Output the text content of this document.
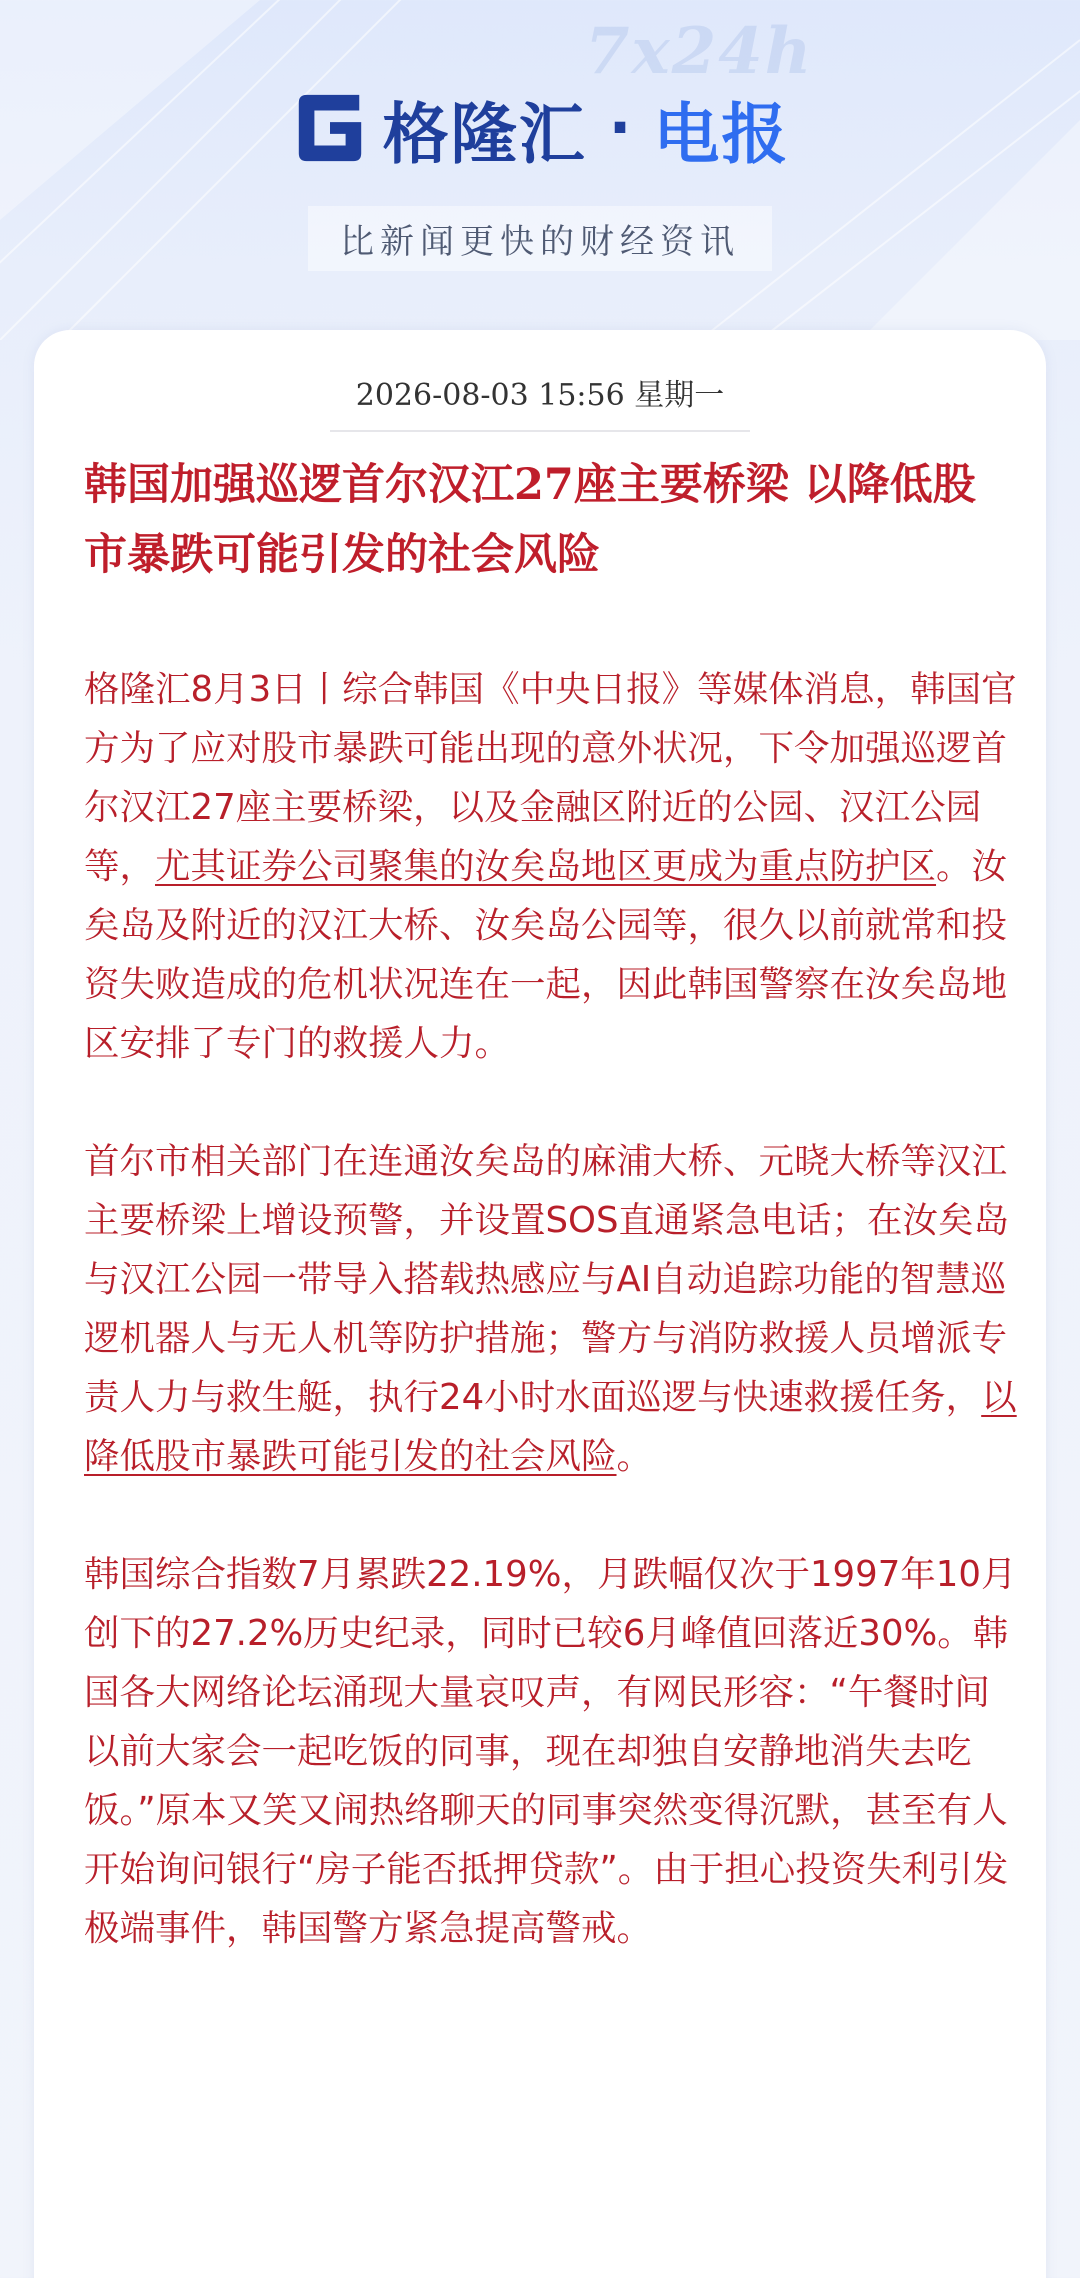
7x24h
格隆汇 · 电报
比新闻更快的财经资讯
2026-08-03 15:56 星期一
韩国加强巡逻首尔汉江27座主要桥梁 以降低股市暴跌可能引发的社会风险

格隆汇8月3日丨综合韩国《中央日报》等媒体消息，韩国官方为了应对股市暴跌可能出现的意外状况，下令加强巡逻首尔汉江27座主要桥梁，以及金融区附近的公园、汉江公园等，尤其证券公司聚集的汝矣岛地区更成为重点防护区。汝矣岛及附近的汉江大桥、汝矣岛公园等，很久以前就常和投资失败造成的危机状况连在一起，因此韩国警察在汝矣岛地区安排了专门的救援人力。

首尔市相关部门在连通汝矣岛的麻浦大桥、元晓大桥等汉江主要桥梁上增设预警，并设置SOS直通紧急电话；在汝矣岛与汉江公园一带导入搭载热感应与AI自动追踪功能的智慧巡逻机器人与无人机等防护措施；警方与消防救援人员增派专责人力与救生艇，执行24小时水面巡逻与快速救援任务，以降低股市暴跌可能引发的社会风险。

韩国综合指数7月累跌22.19%，月跌幅仅次于1997年10月创下的27.2%历史纪录，同时已较6月峰值回落近30%。韩国各大网络论坛涌现大量哀叹声，有网民形容：“午餐时间以前大家会一起吃饭的同事，现在却独自安静地消失去吃饭。”原本又笑又闹热络聊天的同事突然变得沉默，甚至有人开始询问银行“房子能否抵押贷款”。由于担心投资失利引发极端事件，韩国警方紧急提高警戒。
